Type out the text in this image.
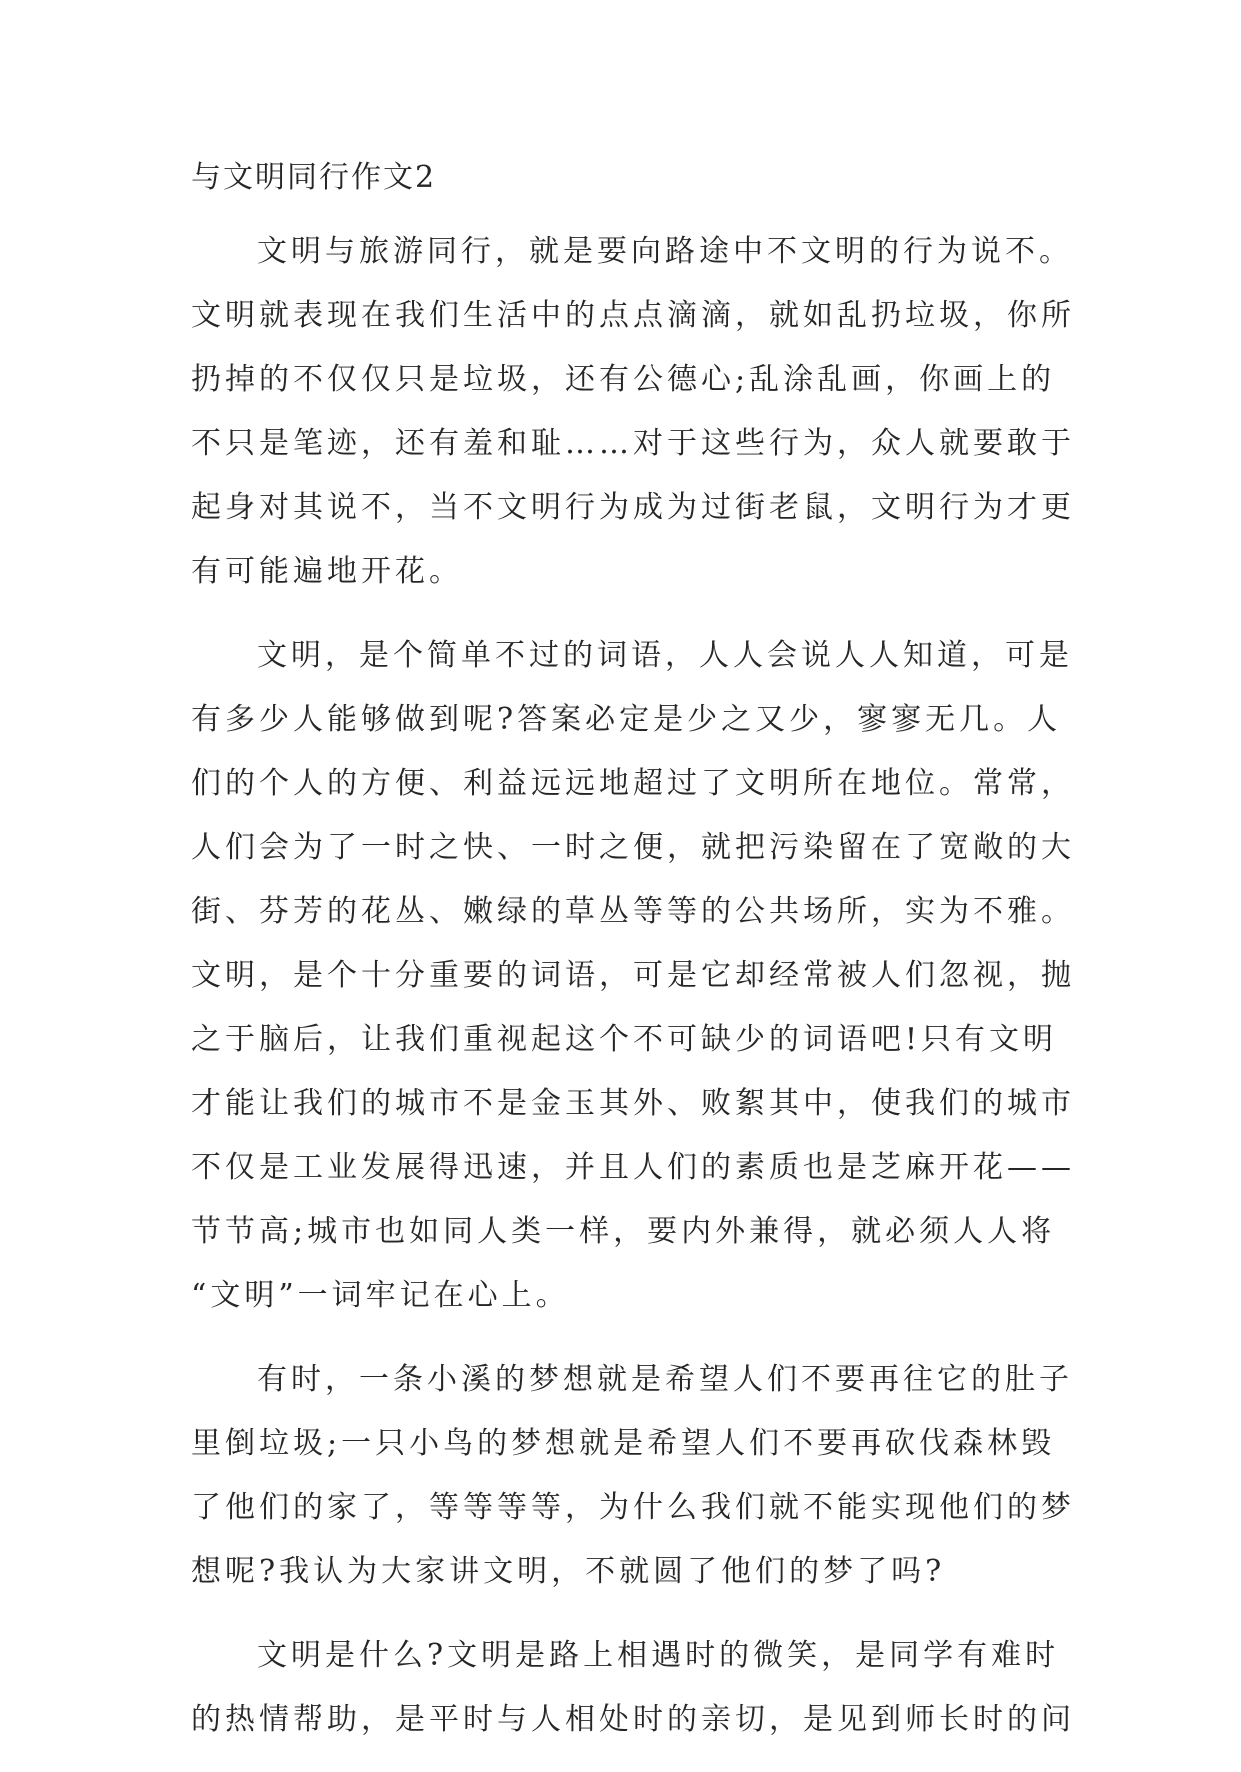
与文明同行作文2

文明与旅游同行，就是要向路途中不文明的行为说不。

文明就表现在我们生活中的点点滴滴，就如乱扔垃圾，你所

扔掉的不仅仅只是垃圾，还有公德心;乱涂乱画，你画上的

不只是笔迹，还有羞和耻……对于这些行为，众人就要敢于

起身对其说不，当不文明行为成为过街老鼠，文明行为才更

有可能遍地开花。

文明，是个简单不过的词语，人人会说人人知道，可是

有多少人能够做到呢?答案必定是少之又少，寥寥无几。人

们的个人的方便、利益远远地超过了文明所在地位。常常，

人们会为了一时之快、一时之便，就把污染留在了宽敞的大

街、芬芳的花丛、嫩绿的草丛等等的公共场所，实为不雅。

文明，是个十分重要的词语，可是它却经常被人们忽视，抛

之于脑后，让我们重视起这个不可缺少的词语吧!只有文明

才能让我们的城市不是金玉其外、败絮其中，使我们的城市

不仅是工业发展得迅速，并且人们的素质也是芝麻开花——

节节高;城市也如同人类一样，要内外兼得，就必须人人将

“文明”一词牢记在心上。

有时，一条小溪的梦想就是希望人们不要再往它的肚子

里倒垃圾;一只小鸟的梦想就是希望人们不要再砍伐森林毁

了他们的家了，等等等等，为什么我们就不能实现他们的梦

想呢?我认为大家讲文明，不就圆了他们的梦了吗?

文明是什么?文明是路上相遇时的微笑，是同学有难时

的热情帮助，是平时与人相处时的亲切，是见到师长时的问
